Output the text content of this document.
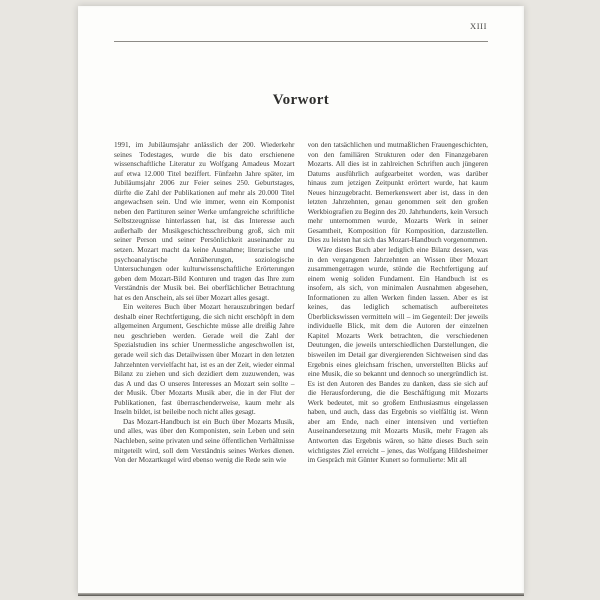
XIII
Vorwort

1991, im Jubiläumsjahr anlässlich der 200. Wiederkehr seines Todestages, wurde die bis dato erschienene wissenschaftliche Literatur zu Wolfgang Amadeus Mozart auf etwa 12.000 Titel beziffert. Fünfzehn Jahre später, im Jubiläumsjahr 2006 zur Feier seines 250. Geburtstages, dürfte die Zahl der Publikationen auf mehr als 20.000 Titel angewachsen sein. Und wie immer, wenn ein Komponist neben den Partituren seiner Werke umfangreiche schriftliche Selbstzeugnisse hinterlassen hat, ist das Interesse auch außerhalb der Musikgeschichtsschreibung groß, sich mit seiner Person und seiner Persönlichkeit auseinander zu setzen. Mozart macht da keine Ausnahme; literarische und psychoanalytische Annäherungen, soziologische Untersuchungen oder kulturwissenschaftliche Erörterungen geben dem Mozart-Bild Konturen und tragen das Ihre zum Verständnis der Musik bei. Bei oberflächlicher Betrachtung hat es den Anschein, als sei über Mozart alles gesagt.

Ein weiteres Buch über Mozart herauszubringen bedarf deshalb einer Rechtfertigung, die sich nicht erschöpft in dem allgemeinen Argument, Geschichte müsse alle dreißig Jahre neu geschrieben werden. Gerade weil die Zahl der Spezialstudien ins schier Unermessliche angeschwollen ist, gerade weil sich das Detailwissen über Mozart in den letzten Jahrzehnten vervielfacht hat, ist es an der Zeit, wieder einmal Bilanz zu ziehen und sich dezidiert dem zuzuwenden, was das A und das O unseres Interesses an Mozart sein sollte – der Musik. Über Mozarts Musik aber, die in der Flut der Publikationen, fast überraschenderweise, kaum mehr als Inseln bildet, ist beileibe noch nicht alles gesagt.

Das Mozart-Handbuch ist ein Buch über Mozarts Musik, und alles, was über den Komponisten, sein Leben und sein Nachleben, seine privaten und seine öffentlichen Verhältnisse mitgeteilt wird, soll dem Verständnis seines Werkes dienen. Von der Mozartkugel wird ebenso wenig die Rede sein wie

von den tatsächlichen und mutmaßlichen Frauengeschichten, von den familiären Strukturen oder den Finanzgebaren Mozarts. All dies ist in zahlreichen Schriften auch jüngeren Datums ausführlich aufgearbeitet worden, was darüber hinaus zum jetzigen Zeitpunkt erörtert wurde, hat kaum Neues hinzugebracht. Bemerkenswert aber ist, dass in den letzten Jahrzehnten, genau genommen seit den großen Werkbiografien zu Beginn des 20. Jahrhunderts, kein Versuch mehr unternommen wurde, Mozarts Werk in seiner Gesamtheit, Komposition für Komposition, darzustellen. Dies zu leisten hat sich das Mozart-Handbuch vorgenommen.

Wäre dieses Buch aber lediglich eine Bilanz dessen, was in den vergangenen Jahrzehnten an Wissen über Mozart zusammengetragen wurde, stünde die Rechtfertigung auf einem wenig soliden Fundament. Ein Handbuch ist es insofern, als sich, von minimalen Ausnahmen abgesehen, Informationen zu allen Werken finden lassen. Aber es ist keines, das lediglich schematisch aufbereitetes Überblickswissen vermitteln will – im Gegenteil: Der jeweils individuelle Blick, mit dem die Autoren der einzelnen Kapitel Mozarts Werk betrachten, die verschiedenen Deutungen, die jeweils unterschiedlichen Darstellungen, die bisweilen im Detail gar divergierenden Sichtweisen sind das Ergebnis eines gleichsam frischen, unverstellten Blicks auf eine Musik, die so bekannt und dennoch so unergründlich ist. Es ist den Autoren des Bandes zu danken, dass sie sich auf die Herausforderung, die die Beschäftigung mit Mozarts Werk bedeutet, mit so großem Enthusiasmus eingelassen haben, und auch, dass das Ergebnis so vielfältig ist. Wenn aber am Ende, nach einer intensiven und vertieften Auseinandersetzung mit Mozarts Musik, mehr Fragen als Antworten das Ergebnis wären, so hätte dieses Buch sein wichtigstes Ziel erreicht – jenes, das Wolfgang Hildesheimer im Gespräch mit Günter Kunert so formulierte: Mit all
